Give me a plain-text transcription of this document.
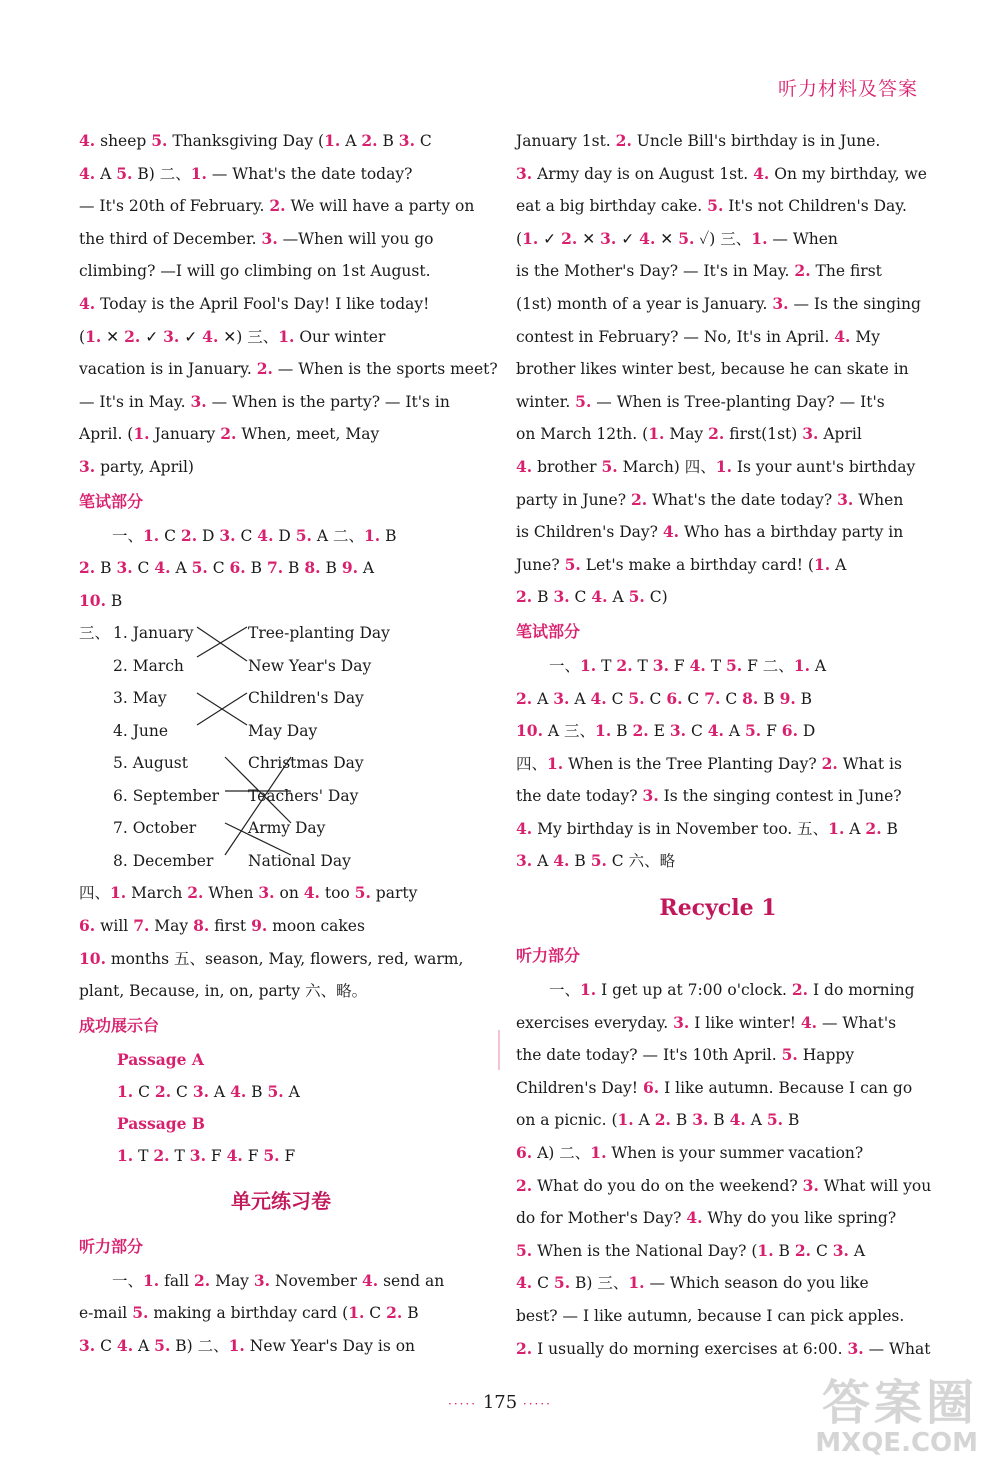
听力材料及答案
4. sheep 5. Thanksgiving Day (1. A 2. B 3. C
4. A 5. B) 二、1. — What's the date today?
— It's 20th of February. 2. We will have a party on
the third of December. 3. —When will you go
climbing? —I will go climbing on 1st August.
4. Today is the April Fool's Day! I like today!
(1. ✕ 2. ✓ 3. ✓ 4. ✕) 三、1. Our winter
vacation is in January. 2. — When is the sports meet?
— It's in May. 3. — When is the party? — It's in
April. (1. January 2. When, meet, May
3. party, April)
笔试部分
一、1. C 2. D 3. C 4. D 5. A 二、1. B
2. B 3. C 4. A 5. C 6. B 7. B 8. B 9. A
10. B
三、 1. January
2. March
3. May
4. June
5. August
6. September
7. October
8. December
Tree-planting Day
New Year's Day
Children's Day
May Day
Christmas Day
Teachers' Day
Army Day
National Day
四、1. March 2. When 3. on 4. too 5. party
6. will 7. May 8. first 9. moon cakes
10. months 五、season, May, flowers, red, warm,
plant, Because, in, on, party 六、略。
成功展示台
Passage A
1. C 2. C 3. A 4. B 5. A
Passage B
1. T 2. T 3. F 4. F 5. F
单元练习卷
听力部分
一、1. fall 2. May 3. November 4. send an
e-mail 5. making a birthday card (1. C 2. B
3. C 4. A 5. B) 二、1. New Year's Day is on
January 1st. 2. Uncle Bill's birthday is in June.
3. Army day is on August 1st. 4. On my birthday, we
eat a big birthday cake. 5. It's not Children's Day.
(1. ✓ 2. ✕ 3. ✓ 4. ✕ 5. ✓) 三、1. — When
is the Mother's Day? — It's in May. 2. The first
(1st) month of a year is January. 3. — Is the singing
contest in February? — No, It's in April. 4. My
brother likes winter best, because he can skate in
winter. 5. — When is Tree-planting Day? — It's
on March 12th. (1. May 2. first(1st) 3. April
4. brother 5. March) 四、1. Is your aunt's birthday
party in June? 2. What's the date today? 3. When
is Children's Day? 4. Who has a birthday party in
June? 5. Let's make a birthday card! (1. A
2. B 3. C 4. A 5. C)
笔试部分
一、1. T 2. T 3. F 4. T 5. F 二、1. A
2. A 3. A 4. C 5. C 6. C 7. C 8. B 9. B
10. A 三、1. B 2. E 3. C 4. A 5. F 6. D
四、1. When is the Tree Planting Day? 2. What is
the date today? 3. Is the singing contest in June?
4. My birthday is in November too. 五、1. A 2. B
3. A 4. B 5. C 六、略
Recycle 1
听力部分
一、1. I get up at 7:00 o'clock. 2. I do morning
exercises everyday. 3. I like winter! 4. — What's
the date today? — It's 10th April. 5. Happy
Children's Day! 6. I like autumn. Because I can go
on a picnic. (1. A 2. B 3. B 4. A 5. B
6. A) 二、1. When is your summer vacation?
2. What do you do on the weekend? 3. What will you
do for Mother's Day? 4. Why do you like spring?
5. When is the National Day? (1. B 2. C 3. A
4. C 5. B) 三、1. — Which season do you like
best? — I like autumn, because I can pick apples.
2. I usually do morning exercises at 6:00. 3. — What
····· 175 ·····	答案圈
MXQE.COM
